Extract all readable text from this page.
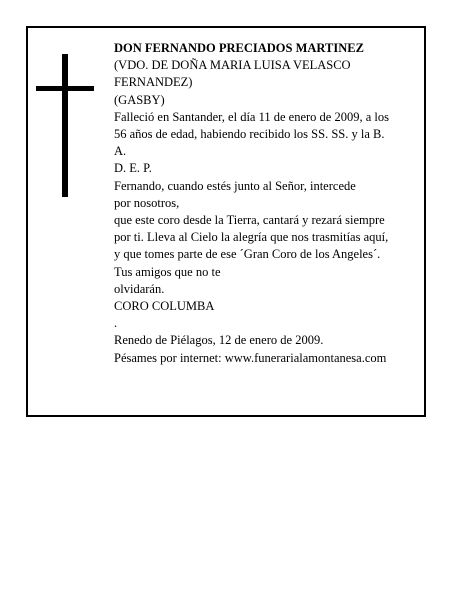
DON FERNANDO PRECIADOS MARTINEZ
(VDO. DE DOÑA MARIA LUISA VELASCO
FERNANDEZ)
(GASBY)
Falleció en Santander, el día 11 de enero de 2009, a los
56 años de edad, habiendo recibido los SS. SS. y la B.
A.
D. E. P.
Fernando, cuando estés junto al Señor, intercede
por nosotros,
que este coro desde la Tierra, cantará y rezará siempre
por ti. Lleva al Cielo la alegría que nos trasmitías aquí,
y que tomes parte de ese ´Gran Coro de los Angeles´.
Tus amigos que no te
olvidarán.
CORO COLUMBA
.
Renedo de Piélagos, 12 de enero de 2009.
Pésames por internet: www.funerarialamontanesa.com
